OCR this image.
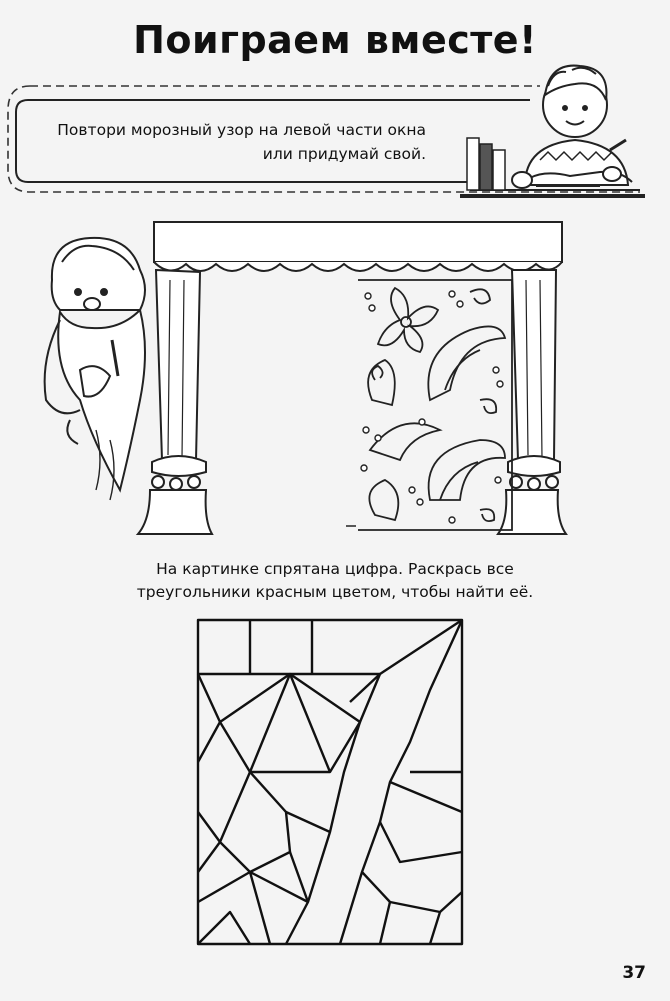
Поиграем вместе!
Повтори морозный узор на левой части окна
или придумай свой.
На картинке спрятана цифра. Раскрась все
треугольники красным цветом, чтобы найти её.
37
